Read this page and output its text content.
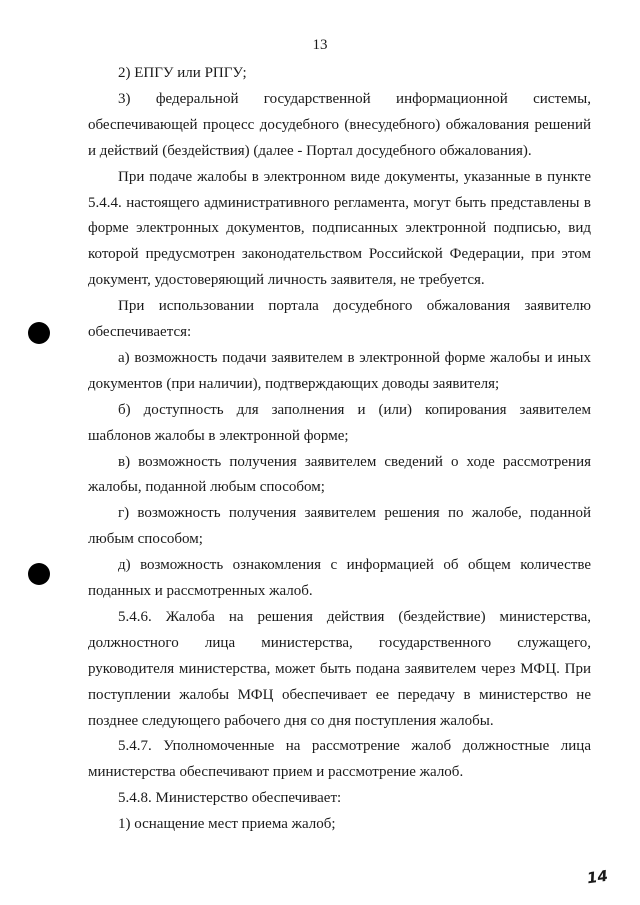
13
2) ЕПГУ или РПГУ;
3) федеральной государственной информационной системы,
обеспечивающей процесс досудебного (внесудебного) обжалования решений
и действий (бездействия) (далее - Портал досудебного обжалования).
При подаче жалобы в электронном виде документы, указанные в пункте
5.4.4. настоящего административного регламента, могут быть представлены в
форме электронных документов, подписанных электронной подписью, вид
которой предусмотрен законодательством Российской Федерации, при этом
документ, удостоверяющий личность заявителя, не требуется.
При использовании портала досудебного обжалования заявителю
обеспечивается:
а) возможность подачи заявителем в электронной форме жалобы и иных
документов (при наличии), подтверждающих доводы заявителя;
б) доступность для заполнения и (или) копирования заявителем
шаблонов жалобы в электронной форме;
в) возможность получения заявителем сведений о ходе рассмотрения
жалобы, поданной любым способом;
г) возможность получения заявителем решения по жалобе, поданной
любым способом;
д) возможность ознакомления с информацией об общем количестве
поданных и рассмотренных жалоб.
5.4.6. Жалоба на решения действия (бездействие) министерства,
должностного лица министерства, государственного служащего,
руководителя министерства, может быть подана заявителем через МФЦ. При
поступлении жалобы МФЦ обеспечивает ее передачу в министерство не
позднее следующего рабочего дня со дня поступления жалобы.
5.4.7. Уполномоченные на рассмотрение жалоб должностные лица
министерства обеспечивают прием и рассмотрение жалоб.
5.4.8. Министерство обеспечивает:
1) оснащение мест приема жалоб;
14
